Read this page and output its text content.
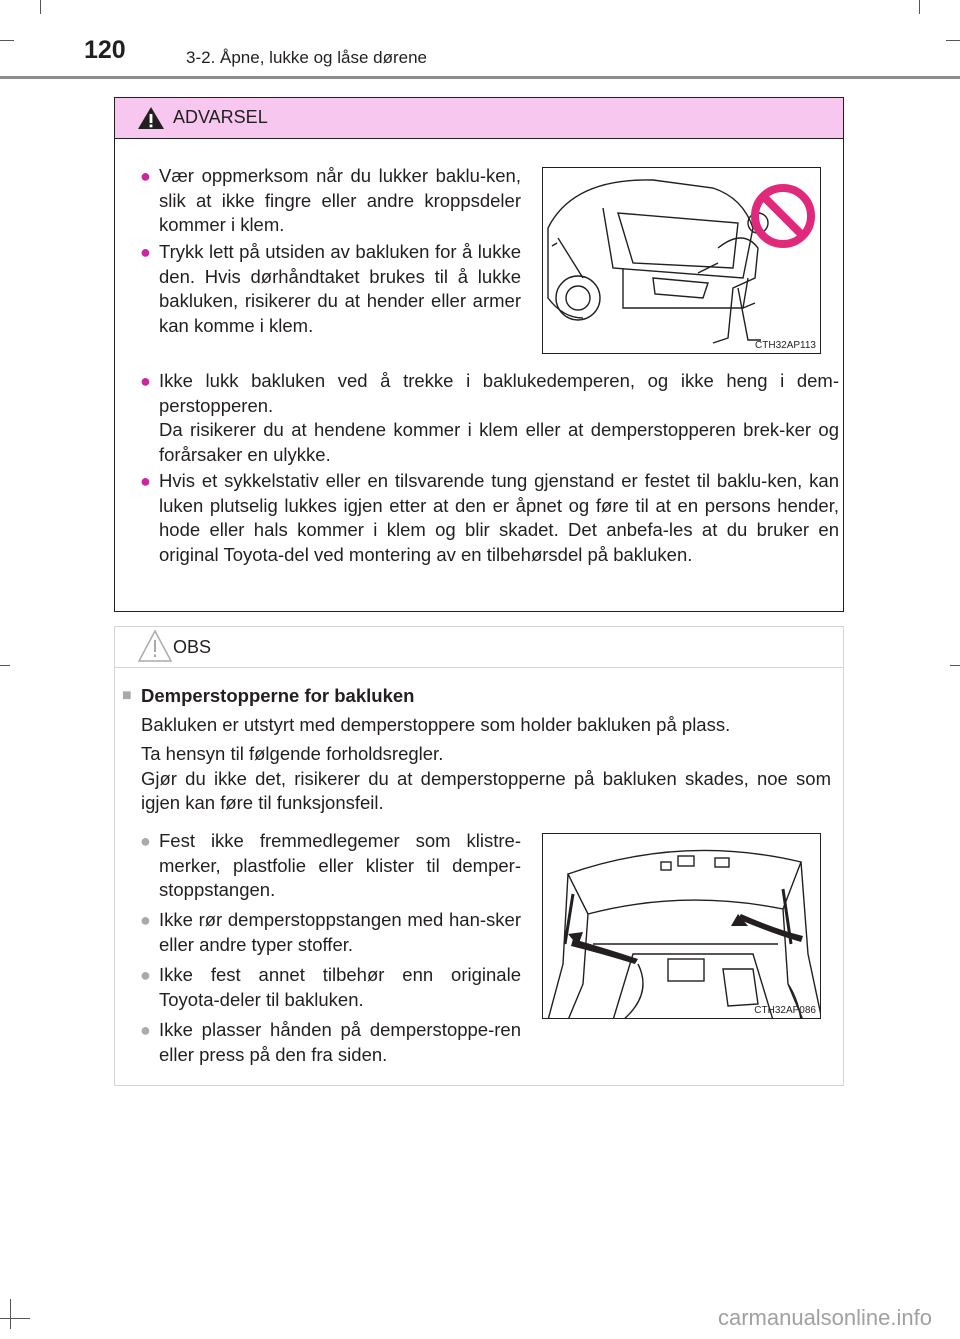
120	3-2. Åpne, lukke og låse dørene
ADVARSEL

● Vær oppmerksom når du lukker baklu-ken, slik at ikke fingre eller andre kroppsdeler kommer i klem.

● Trykk lett på utsiden av bakluken for å lukke den. Hvis dørhåndtaket brukes til å lukke bakluken, risikerer du at hender eller armer kan komme i klem.

CTH32AP113

● Ikke lukk bakluken ved å trekke i baklukedemperen, og ikke heng i dem-perstopperen.
Da risikerer du at hendene kommer i klem eller at demperstopperen brek-ker og forårsaker en ulykke.

● Hvis et sykkelstativ eller en tilsvarende tung gjenstand er festet til baklu-ken, kan luken plutselig lukkes igjen etter at den er åpnet og føre til at en persons hender, hode eller hals kommer i klem og blir skadet. Det anbefa-les at du bruker en original Toyota-del ved montering av en tilbehørsdel på bakluken.

OBS

■ Demperstopperne for bakluken

Bakluken er utstyrt med demperstoppere som holder bakluken på plass.

Ta hensyn til følgende forholdsregler.
Gjør du ikke det, risikerer du at demperstopperne på bakluken skades, noe som igjen kan føre til funksjonsfeil.

● Fest ikke fremmedlegemer som klistre-merker, plastfolie eller klister til demper-stoppstangen.

● Ikke rør demperstoppstangen med han-sker eller andre typer stoffer.

● Ikke fest annet tilbehør enn originale Toyota-deler til bakluken.

● Ikke plasser hånden på demperstoppe-ren eller press på den fra siden.

CTH32AP086
carmanualsonline.info
